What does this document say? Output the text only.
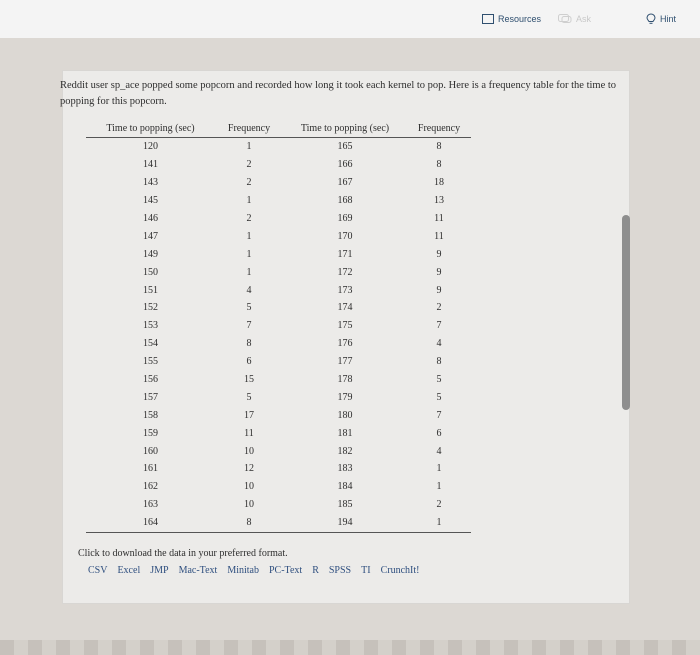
Resources	Ask	Hint
Reddit user sp_ace popped some popcorn and recorded how long it took each kernel to pop. Here is a frequency table for the time to popping for this popcorn.
Time to popping (sec)	Frequency	Time to popping (sec)	Frequency
120	1	165	8
141	2	166	8
143	2	167	18
145	1	168	13
146	2	169	11
147	1	170	11
149	1	171	9
150	1	172	9
151	4	173	9
152	5	174	2
153	7	175	7
154	8	176	4
155	6	177	8
156	15	178	5
157	5	179	5
158	17	180	7
159	11	181	6
160	10	182	4
161	12	183	1
162	10	184	1
163	10	185	2
164	8	194	1
Click to download the data in your preferred format.
CSV Excel JMP Mac-Text Minitab PC-Text R SPSS TI CrunchIt!
